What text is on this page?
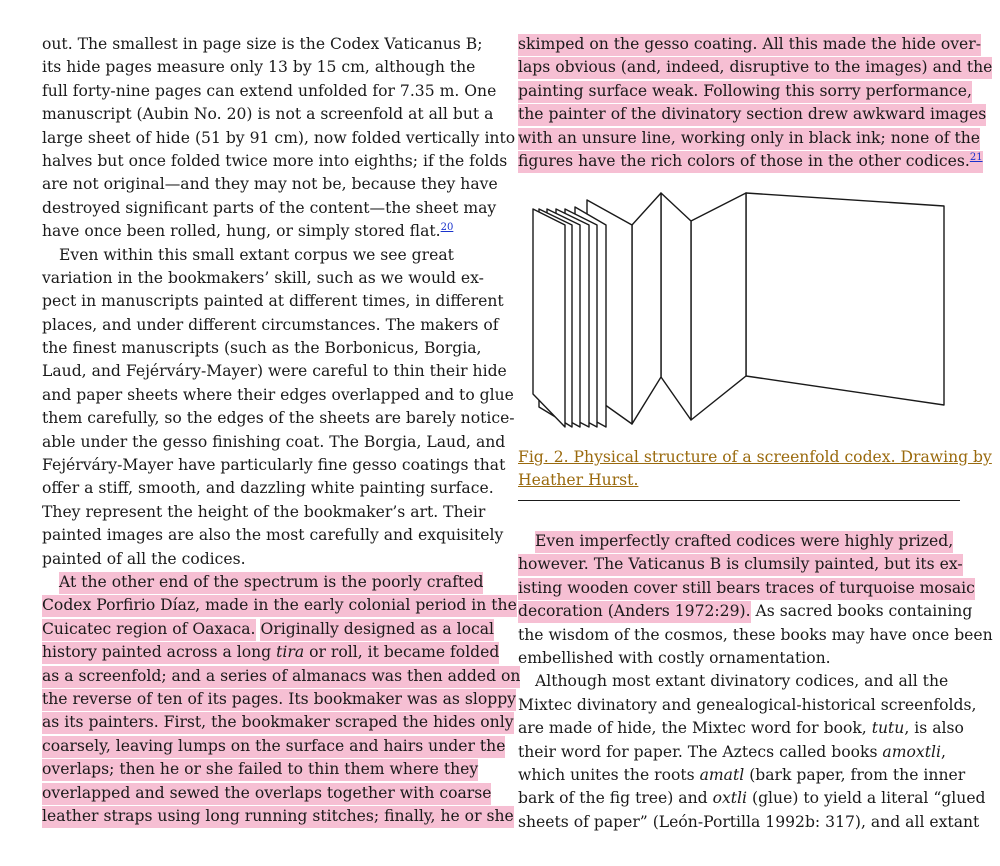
out. The smallest in page size is the Codex Vaticanus B;
its hide pages measure only 13 by 15 cm, although the
full forty-nine pages can extend unfolded for 7.35 m. One
manuscript (Aubin No. 20) is not a screenfold at all but a
large sheet of hide (51 by 91 cm), now folded vertically into
halves but once folded twice more into eighths; if the folds
are not original—and they may not be, because they have
destroyed significant parts of the content—the sheet may
have once been rolled, hung, or simply stored flat.$^{20}$
Even within this small extant corpus we see great
variation in the bookmakers’ skill, such as we would ex-
pect in manuscripts painted at different times, in different
places, and under different circumstances. The makers of
the finest manuscripts (such as the Borbonicus, Borgia,
Laud, and Fejérváry-Mayer) were careful to thin their hide
and paper sheets where their edges overlapped and to glue
them carefully, so the edges of the sheets are barely notice-
able under the gesso finishing coat. The Borgia, Laud, and
Fejérváry-Mayer have particularly fine gesso coatings that
offer a stiff, smooth, and dazzling white painting surface.
They represent the height of the bookmaker’s art. Their
painted images are also the most carefully and exquisitely
painted of all the codices.
At the other end of the spectrum is the poorly crafted
Codex Porfirio Díaz, made in the early colonial period in the
Cuicatec region of Oaxaca. Originally designed as a local
history painted across a long tira or roll, it became folded
as a screenfold; and a series of almanacs was then added on
the reverse of ten of its pages. Its bookmaker was as sloppy
as its painters. First, the bookmaker scraped the hides only
coarsely, leaving lumps on the surface and hairs under the
overlaps; then he or she failed to thin them where they
overlapped and sewed the overlaps together with coarse
leather straps using long running stitches; finally, he or she
skimped on the gesso coating. All this made the hide over-
laps obvious (and, indeed, disruptive to the images) and the
painting surface weak. Following this sorry performance,
the painter of the divinatory section drew awkward images
with an unsure line, working only in black ink; none of the
figures have the rich colors of those in the other codices.$^{21}$
Fig. 2. Physical structure of a screenfold codex. Drawing by
Heather Hurst.
Even imperfectly crafted codices were highly prized,
however. The Vaticanus B is clumsily painted, but its ex-
isting wooden cover still bears traces of turquoise mosaic
decoration (Anders 1972:29). As sacred books containing
the wisdom of the cosmos, these books may have once been
embellished with costly ornamentation.
Although most extant divinatory codices, and all the
Mixtec divinatory and genealogical-historical screenfolds,
are made of hide, the Mixtec word for book, tutu, is also
their word for paper. The Aztecs called books amoxtli,
which unites the roots amatl (bark paper, from the inner
bark of the fig tree) and oxtli (glue) to yield a literal “glued
sheets of paper” (León-Portilla 1992b: 317), and all extant
